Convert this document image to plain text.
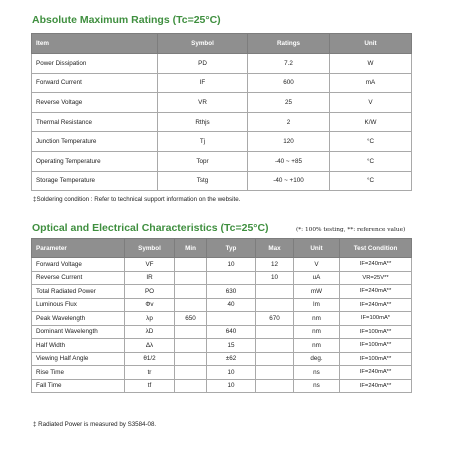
Absolute Maximum Ratings (Tc=25°C)
Item	Symbol	Ratings	Unit
Power Dissipation	PD	7.2	W
Forward Current	IF	600	mA
Reverse Voltage	VR	25	V
Thermal Resistance	Rthjs	2	K/W
Junction Temperature	Tj	120	°C
Operating Temperature	Topr	-40 ~ +85	°C
Storage Temperature	Tstg	-40 ~ +100	°C
‡Soldering condition : Refer to technical support information on the website.
Optical and Electrical Characteristics (Tc=25°C)	(*: 100% testing, **: reference value)
Parameter	Symbol	Min	Typ	Max	Unit	Test Condition
Forward Voltage	VF		10	12	V	IF=240mA**
Reverse Current	IR			10	uA	VR=25V**
Total Radiated Power	PO		630		mW	IF=240mA**
Luminous Flux	Φv		40		lm	IF=240mA**
Peak Wavelength	λp	650		670	nm	IF=100mA*
Dominant Wavelength	λD		640		nm	IF=100mA**
Half Width	Δλ		15		nm	IF=100mA**
Viewing Half Angle	θ1/2		±62		deg.	IF=100mA**
Rise Time	tr		10		ns	IF=240mA**
Fall Time	tf		10		ns	IF=240mA**
‡ Radiated Power is measured by S3584-08.
